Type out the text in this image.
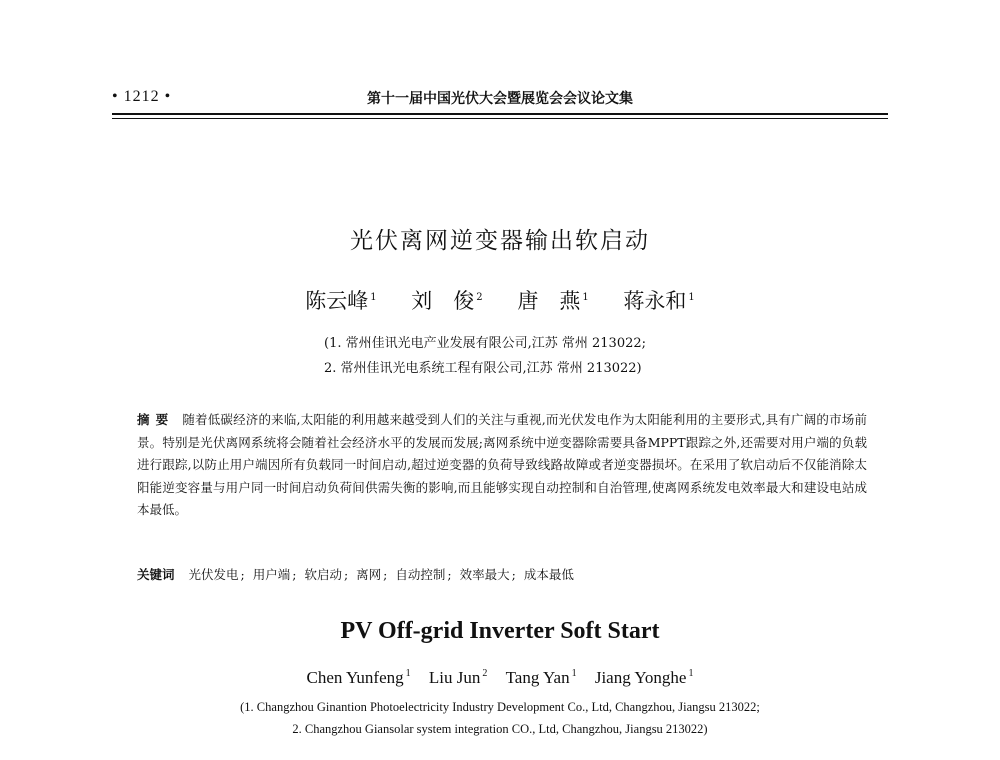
• 1212 •	第十一届中国光伏大会暨展览会会议论文集
光伏离网逆变器输出软启动
陈云峰 $^1$ 刘　俊 $^2$ 唐　燕 $^1$ 蒋永和 $^1$
(1. 常州佳讯光电产业发展有限公司,江苏 常州 213022;
2. 常州佳讯光电系统工程有限公司,江苏 常州 213022)
摘要 随着低碳经济的来临,太阳能的利用越来越受到人们的关注与重视,而光伏发电作为太阳能利用的主要形式,具有广阔的市场前景。特别是光伏离网系统将会随着社会经济水平的发展而发展;离网系统中逆变器除需要具备MPPT跟踪之外,还需要对用户端的负载进行跟踪,以防止用户端因所有负载同一时间启动,超过逆变器的负荷导致线路故障或者逆变器损坏。在采用了软启动后不仅能消除太阳能逆变容量与用户同一时间启动负荷间供需失衡的影响,而且能够实现自动控制和自治管理,使离网系统发电效率最大和建设电站成本最低。
关键词 光伏发电 ; 用户端 ; 软启动 ; 离网 ; 自动控制 ; 效率最大 ; 成本最低
PV Off-grid Inverter Soft Start
Chen Yunfeng $^1$ Liu Jun $^2$ Tang Yan $^1$ Jiang Yonghe $^1$
(1. Changzhou Ginantion Photoelectricity Industry Development Co., Ltd, Changzhou, Jiangsu 213022;
2. Changzhou Giansolar system integration CO., Ltd, Changzhou, Jiangsu 213022)
